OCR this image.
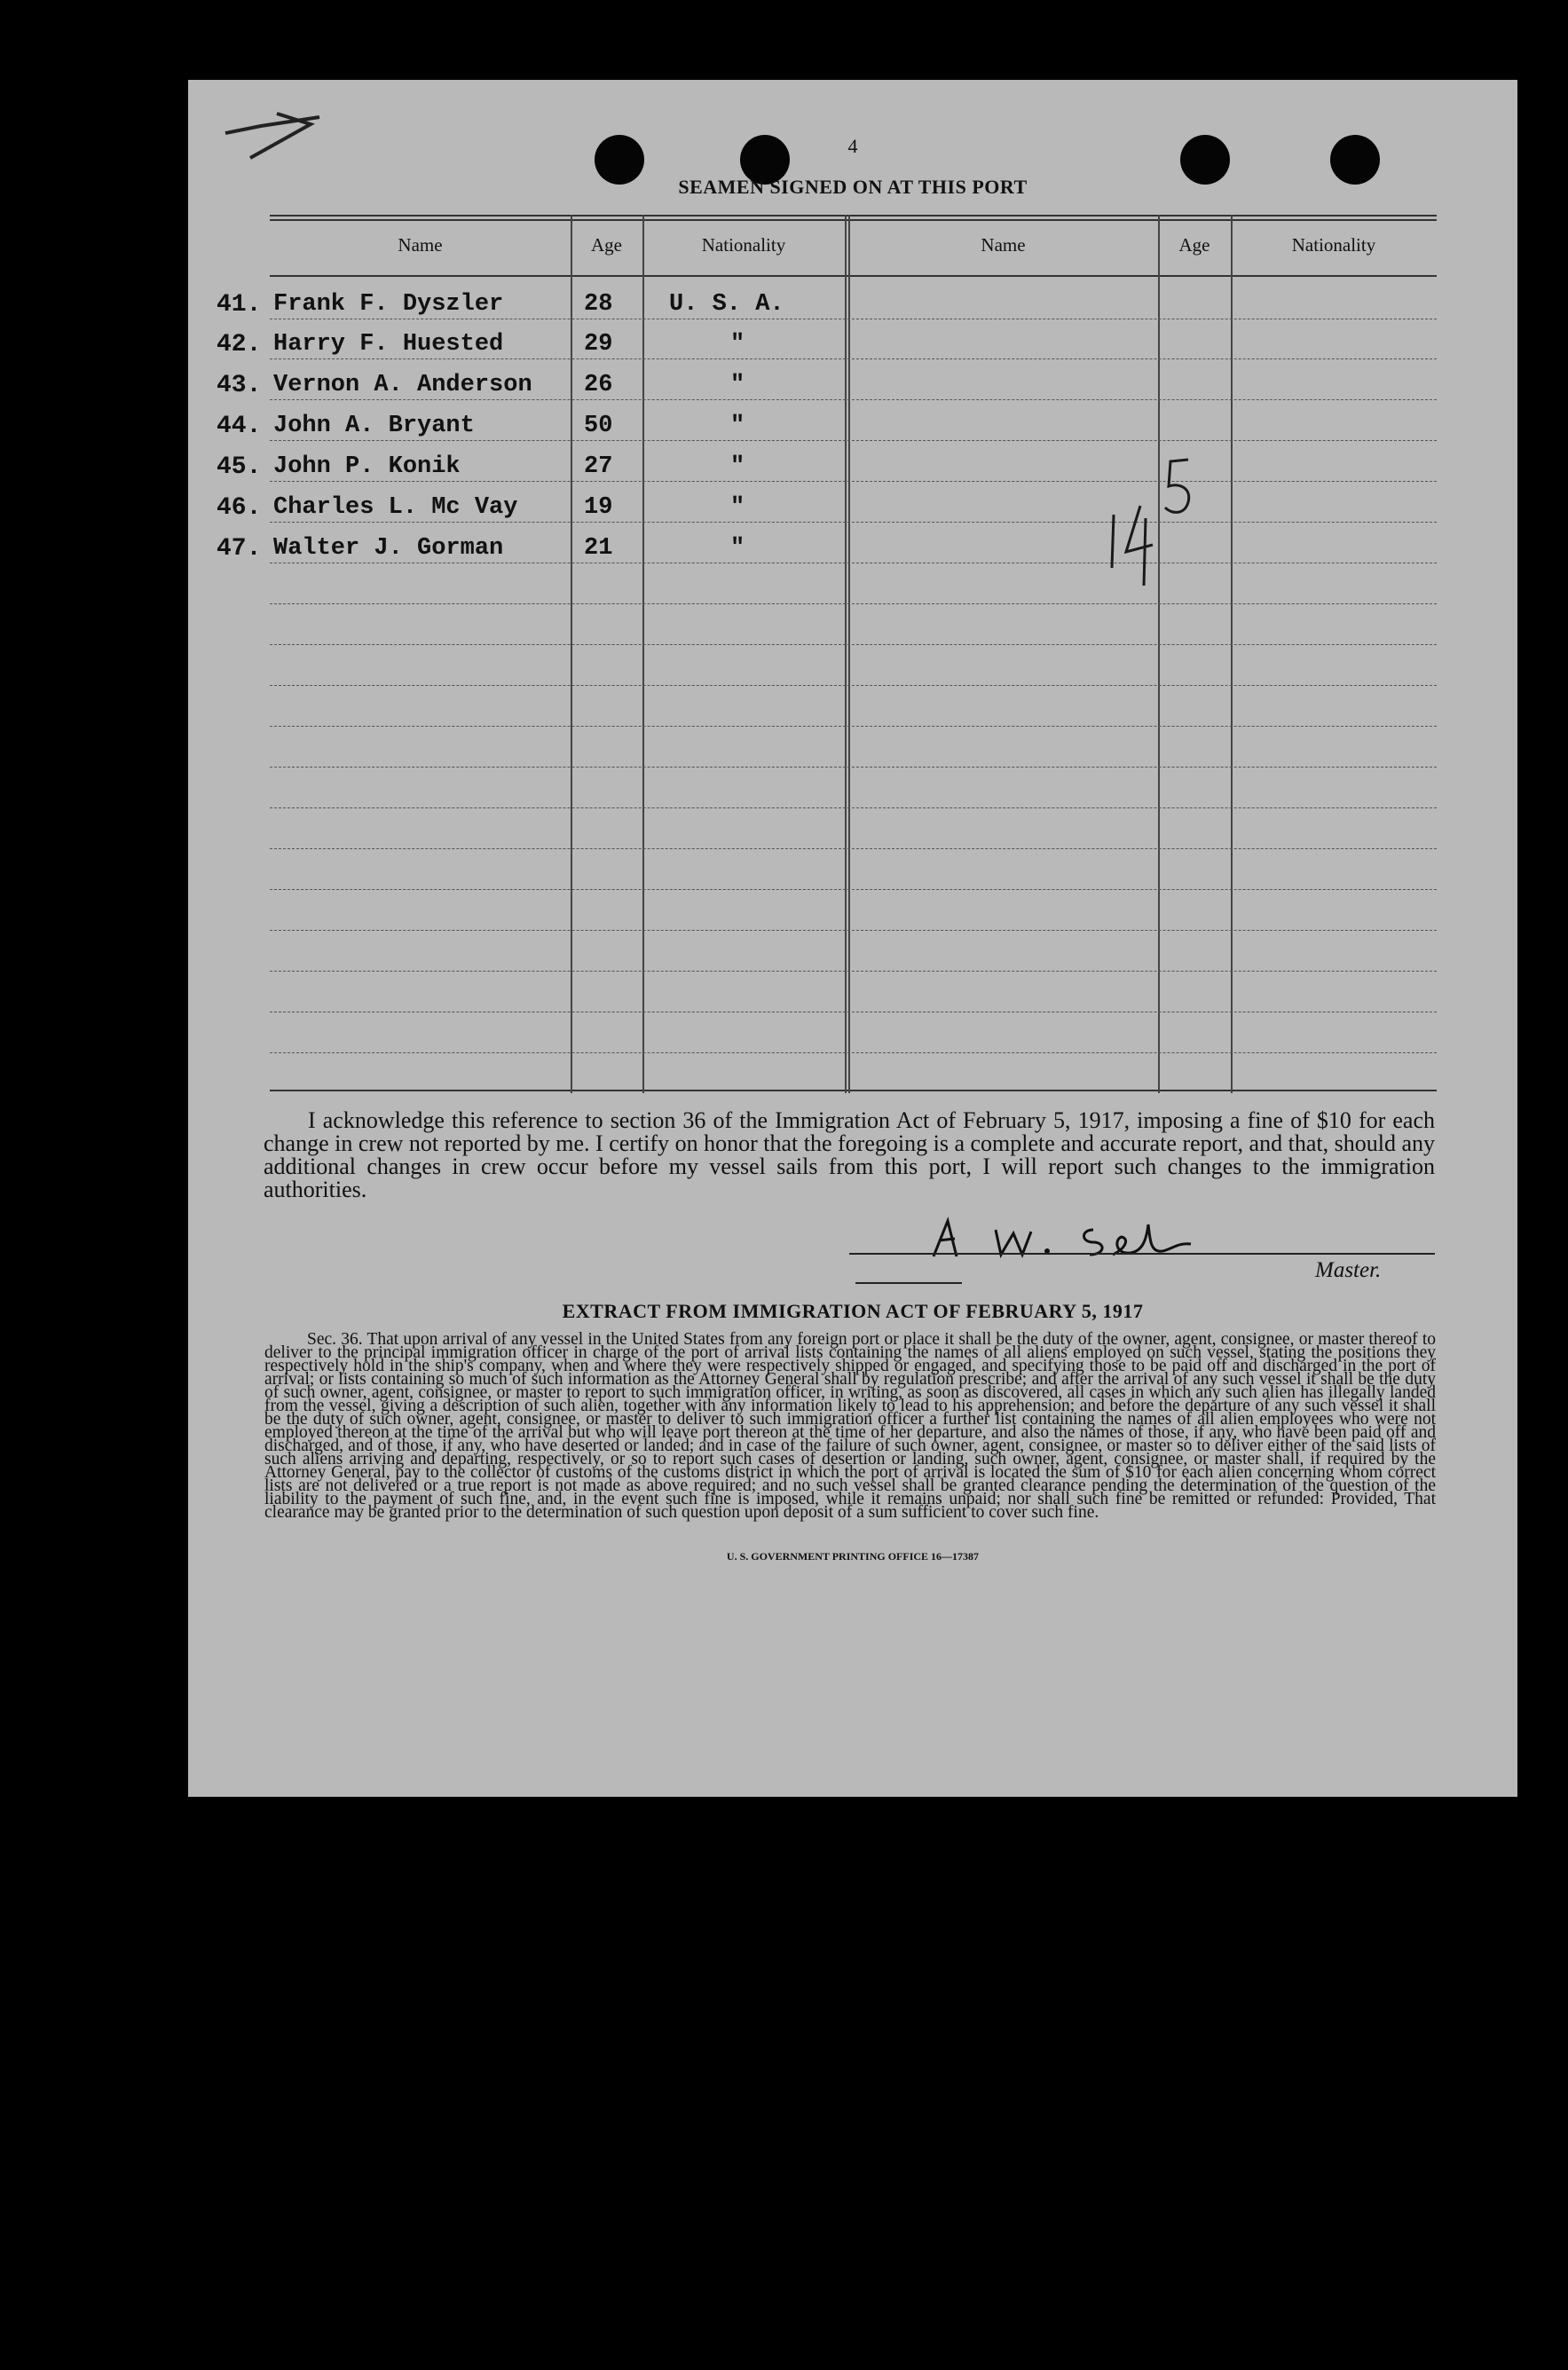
4
SEAMEN SIGNED ON AT THIS PORT
Name	Age	Nationality	Name	Age	Nationality
41. Frank F. Dyszler	28 U. S. A.
42. Harry F. Huested	29	"
43. Vernon A. Anderson 26	"
44. John A. Bryant	50	"
45. John P. Konik	27	"
46. Charles L. Mc Vay	19	"
47. Walter J. Gorman	21	"

I acknowledge this reference to section 36 of the Immigration Act of February 5, 1917, imposing a fine of $10 for each change in crew not reported by me. I certify on honor that the foregoing is a complete and accurate report, and that, should any additional changes in crew occur before my vessel sails from this port, I will report such changes to the immigration authorities.

Master.
EXTRACT FROM IMMIGRATION ACT OF FEBRUARY 5, 1917

Sec. 36. That upon arrival of any vessel in the United States from any foreign port or place it shall be the duty of the owner, agent, consignee, or master thereof to deliver to the principal immigration officer in charge of the port of arrival lists containing the names of all aliens employed on such vessel, stating the positions they respectively hold in the ship's company, when and where they were respectively shipped or engaged, and specifying those to be paid off and discharged in the port of arrival; or lists containing so much of such information as the Attorney General shall by regulation prescribe; and after the arrival of any such vessel it shall be the duty of such owner, agent, consignee, or master to report to such immigration officer, in writing, as soon as discovered, all cases in which any such alien has illegally landed from the vessel, giving a description of such alien, together with any information likely to lead to his apprehension; and before the departure of any such vessel it shall be the duty of such owner, agent, consignee, or master to deliver to such immigration officer a further list containing the names of all alien employees who were not employed thereon at the time of the arrival but who will leave port thereon at the time of her departure, and also the names of those, if any, who have been paid off and discharged, and of those, if any, who have deserted or landed; and in case of the failure of such owner, agent, consignee, or master so to deliver either of the said lists of such aliens arriving and departing, respectively, or so to report such cases of desertion or landing, such owner, agent, consignee, or master shall, if required by the Attorney General, pay to the collector of customs of the customs district in which the port of arrival is located the sum of $10 for each alien concerning whom correct lists are not delivered or a true report is not made as above required; and no such vessel shall be granted clearance pending the determination of the question of the liability to the payment of such fine, and, in the event such fine is imposed, while it remains unpaid; nor shall such fine be remitted or refunded: Provided, That clearance may be granted prior to the determination of such question upon deposit of a sum sufficient to cover such fine.

U. S. GOVERNMENT PRINTING OFFICE 16—17387
